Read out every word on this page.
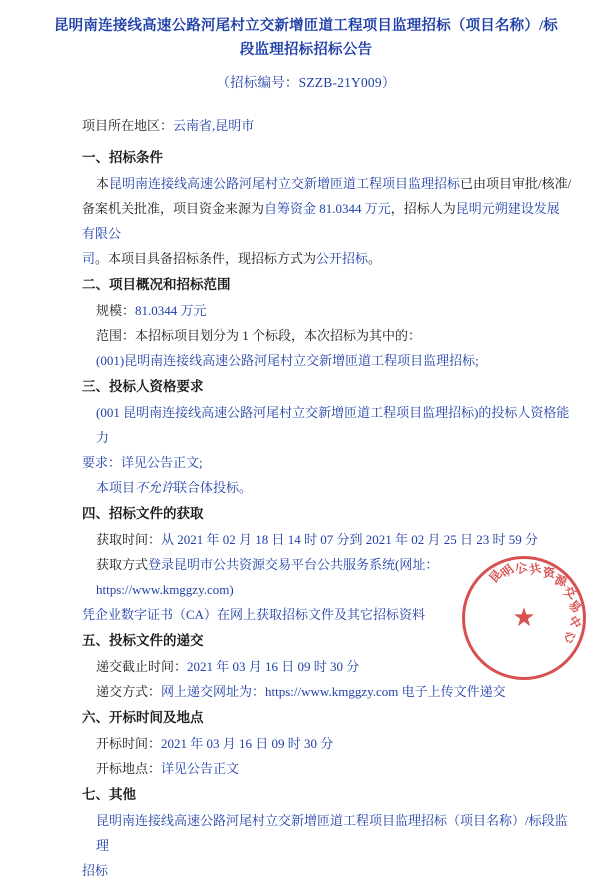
昆明南连接线高速公路河尾村立交新增匝道工程项目监理招标（项目名称）/标
段监理招标招标公告
（招标编号：SZZB-21Y009）
项目所在地区：云南省,昆明市
一、招标条件
本昆明南连接线高速公路河尾村立交新增匝道工程项目监理招标已由项目审批/核准/
备案机关批准，项目资金来源为自筹资金 81.0344 万元，招标人为昆明元朔建设发展有限公
司。本项目具备招标条件，现招标方式为公开招标。
二、项目概况和招标范围
规模：81.0344 万元
范围：本招标项目划分为 1 个标段，本次招标为其中的：
(001)昆明南连接线高速公路河尾村立交新增匝道工程项目监理招标;
三、投标人资格要求
(001 昆明南连接线高速公路河尾村立交新增匝道工程项目监理招标)的投标人资格能力
要求：详见公告正文;
本项目不允许联合体投标。
四、招标文件的获取
获取时间：从 2021 年 02 月 18 日 14 时 07 分到 2021 年 02 月 25 日 23 时 59 分
获取方式登录昆明市公共资源交易平台公共服务系统(网址：https://www.kmggzy.com)
凭企业数字证书（CA）在网上获取招标文件及其它招标资料
五、投标文件的递交
递交截止时间：2021 年 03 月 16 日 09 时 30 分
递交方式：网上递交网址为：https://www.kmggzy.com 电子上传文件递交
六、开标时间及地点
开标时间：2021 年 03 月 16 日 09 时 30 分
开标地点：详见公告正文
七、其他
昆明南连接线高速公路河尾村立交新增匝道工程项目监理招标（项目名称）/标段监理
招标
★
昆
明
公
共 资
源
交
易
中
心
